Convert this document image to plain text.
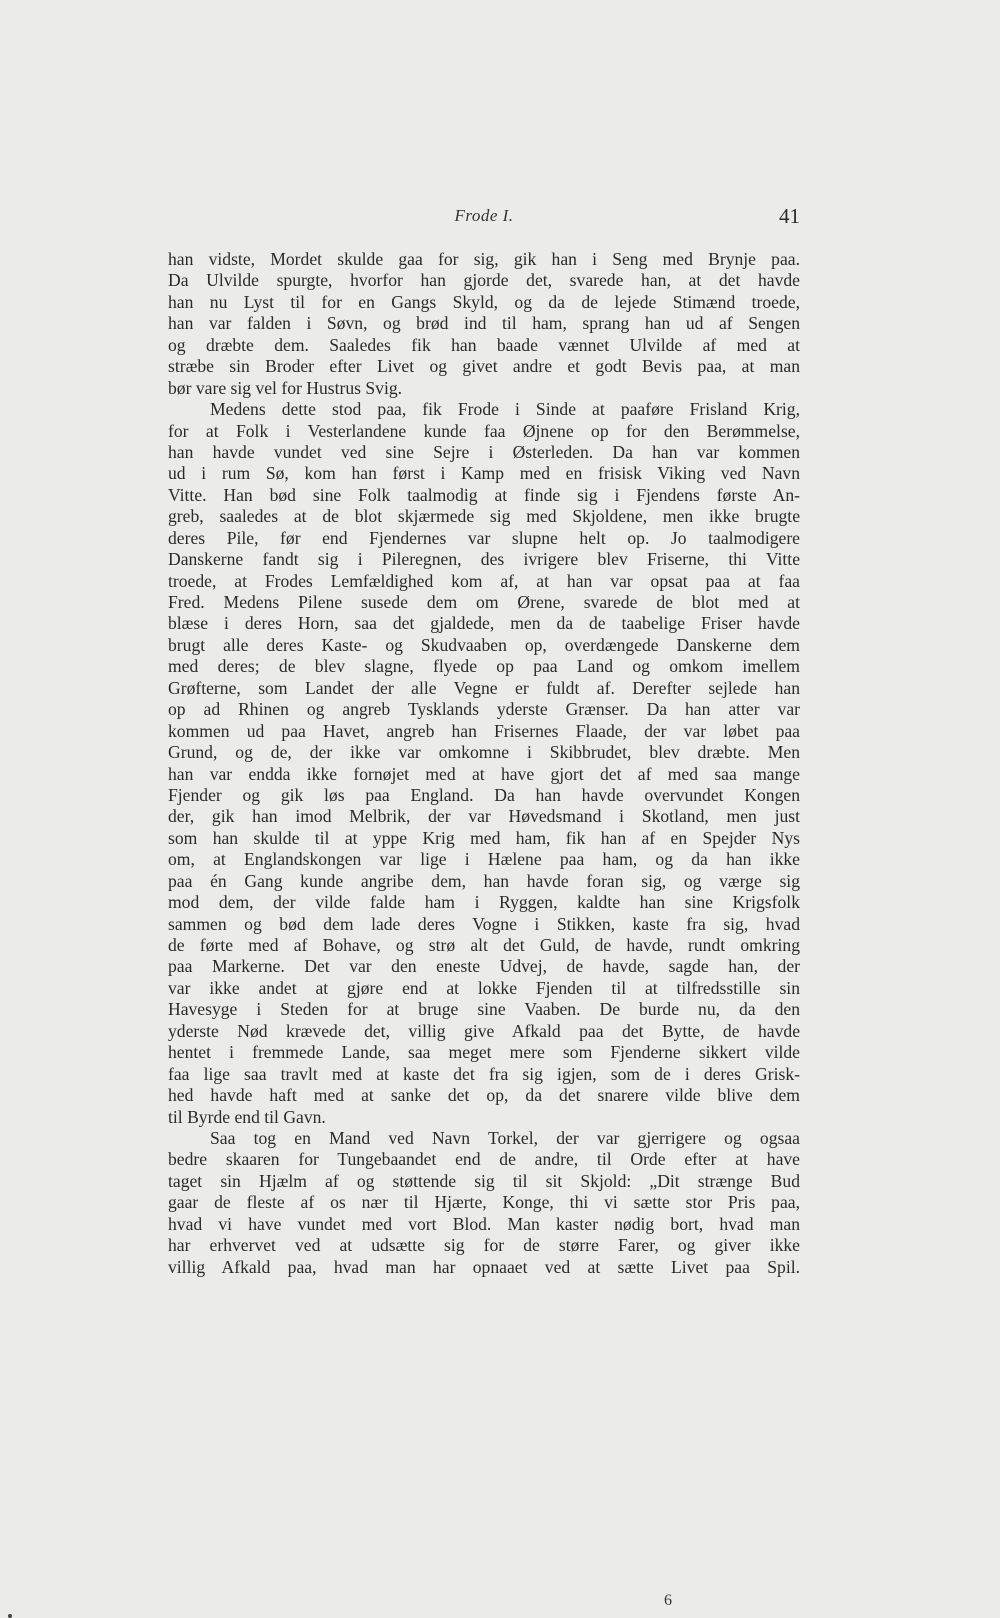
Frode I.	41
han vidste, Mordet skulde gaa for sig, gik han i Seng med Brynje paa.
Da Ulvilde spurgte, hvorfor han gjorde det, svarede han, at det havde
han nu Lyst til for en Gangs Skyld, og da de lejede Stimænd troede,
han var falden i Søvn, og brød ind til ham, sprang han ud af Sengen
og dræbte dem. Saaledes fik han baade vænnet Ulvilde af med at
stræbe sin Broder efter Livet og givet andre et godt Bevis paa, at man
bør vare sig vel for Hustrus Svig.
Medens dette stod paa, fik Frode i Sinde at paaføre Frisland Krig,
for at Folk i Vesterlandene kunde faa Øjnene op for den Berømmelse,
han havde vundet ved sine Sejre i Østerleden. Da han var kommen
ud i rum Sø, kom han først i Kamp med en frisisk Viking ved Navn
Vitte. Han bød sine Folk taalmodig at finde sig i Fjendens første An-
greb, saaledes at de blot skjærmede sig med Skjoldene, men ikke brugte
deres Pile, før end Fjendernes var slupne helt op. Jo taalmodigere
Danskerne fandt sig i Pileregnen, des ivrigere blev Friserne, thi Vitte
troede, at Frodes Lemfældighed kom af, at han var opsat paa at faa
Fred. Medens Pilene susede dem om Ørene, svarede de blot med at
blæse i deres Horn, saa det gjaldede, men da de taabelige Friser havde
brugt alle deres Kaste- og Skudvaaben op, overdængede Danskerne dem
med deres; de blev slagne, flyede op paa Land og omkom imellem
Grøfterne, som Landet der alle Vegne er fuldt af. Derefter sejlede han
op ad Rhinen og angreb Tysklands yderste Grænser. Da han atter var
kommen ud paa Havet, angreb han Frisernes Flaade, der var løbet paa
Grund, og de, der ikke var omkomne i Skibbrudet, blev dræbte. Men
han var endda ikke fornøjet med at have gjort det af med saa mange
Fjender og gik løs paa England. Da han havde overvundet Kongen
der, gik han imod Melbrik, der var Høvedsmand i Skotland, men just
som han skulde til at yppe Krig med ham, fik han af en Spejder Nys
om, at Englandskongen var lige i Hælene paa ham, og da han ikke
paa én Gang kunde angribe dem, han havde foran sig, og værge sig
mod dem, der vilde falde ham i Ryggen, kaldte han sine Krigsfolk
sammen og bød dem lade deres Vogne i Stikken, kaste fra sig, hvad
de førte med af Bohave, og strø alt det Guld, de havde, rundt omkring
paa Markerne. Det var den eneste Udvej, de havde, sagde han, der
var ikke andet at gjøre end at lokke Fjenden til at tilfredsstille sin
Havesyge i Steden for at bruge sine Vaaben. De burde nu, da den
yderste Nød krævede det, villig give Afkald paa det Bytte, de havde
hentet i fremmede Lande, saa meget mere som Fjenderne sikkert vilde
faa lige saa travlt med at kaste det fra sig igjen, som de i deres Grisk-
hed havde haft med at sanke det op, da det snarere vilde blive dem
til Byrde end til Gavn.
Saa tog en Mand ved Navn Torkel, der var gjerrigere og ogsaa
bedre skaaren for Tungebaandet end de andre, til Orde efter at have
taget sin Hjælm af og støttende sig til sit Skjold: „Dit strænge Bud
gaar de fleste af os nær til Hjærte, Konge, thi vi sætte stor Pris paa,
hvad vi have vundet med vort Blod. Man kaster nødig bort, hvad man
har erhvervet ved at udsætte sig for de større Farer, og giver ikke
villig Afkald paa, hvad man har opnaaet ved at sætte Livet paa Spil.
6
